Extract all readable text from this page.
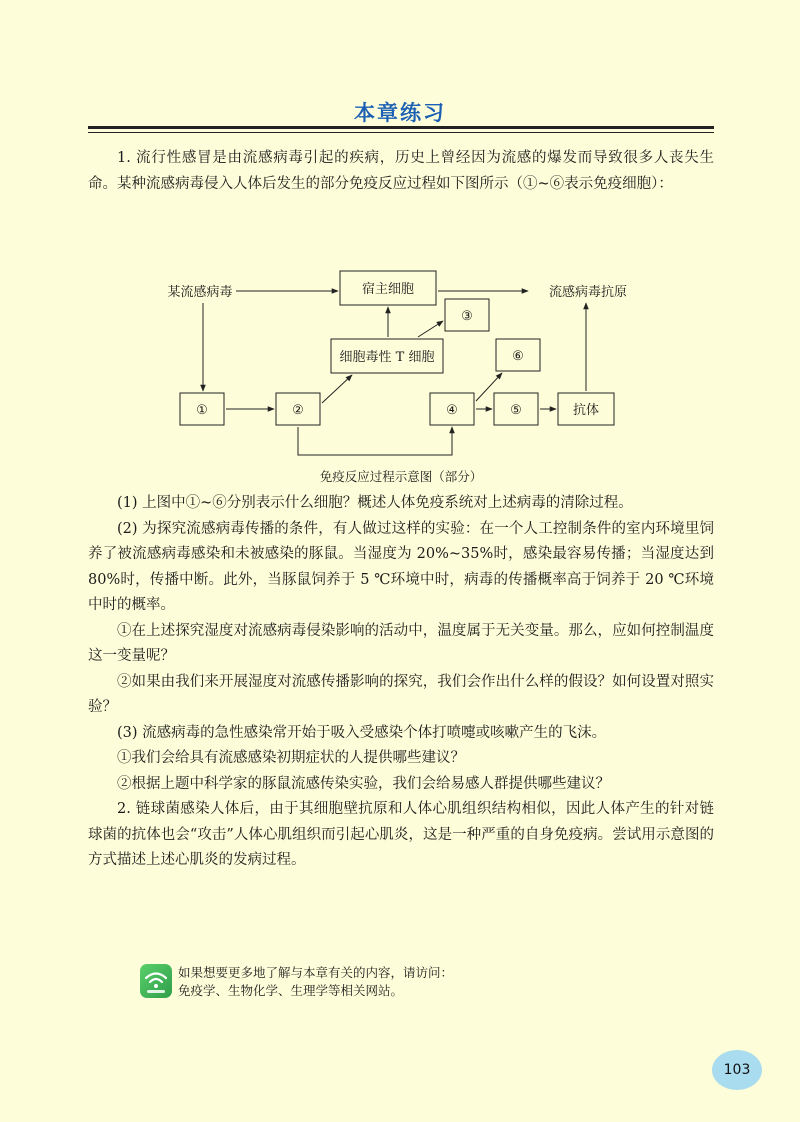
本章练习

1. 流行性感冒是由流感病毒引起的疾病，历史上曾经因为流感的爆发而导致很多人丧失生命。某种流感病毒侵入人体后发生的部分免疫反应过程如下图所示（①~⑥表示免疫细胞）：

某流感病毒	宿主细胞	流感病毒抗原
③
细胞毒性 T 细胞	⑥
①	②	④	⑤	抗体
免疫反应过程示意图（部分）

(1) 上图中①~⑥分别表示什么细胞？概述人体免疫系统对上述病毒的清除过程。

(2) 为探究流感病毒传播的条件，有人做过这样的实验：在一个人工控制条件的室内环境里饲养了被流感病毒感染和未被感染的豚鼠。当湿度为 20%~35%时，感染最容易传播；当湿度达到 80%时，传播中断。此外，当豚鼠饲养于 5 ℃环境中时，病毒的传播概率高于饲养于 20 ℃环境中时的概率。

①在上述探究湿度对流感病毒侵染影响的活动中，温度属于无关变量。那么，应如何控制温度这一变量呢？

②如果由我们来开展湿度对流感传播影响的探究，我们会作出什么样的假设？如何设置对照实验？

(3) 流感病毒的急性感染常开始于吸入受感染个体打喷嚏或咳嗽产生的飞沫。

①我们会给具有流感感染初期症状的人提供哪些建议？

②根据上题中科学家的豚鼠流感传染实验，我们会给易感人群提供哪些建议？

2. 链球菌感染人体后，由于其细胞壁抗原和人体心肌组织结构相似，因此人体产生的针对链球菌的抗体也会“攻击”人体心肌组织而引起心肌炎，这是一种严重的自身免疫病。尝试用示意图的方式描述上述心肌炎的发病过程。

如果想要更多地了解与本章有关的内容，请访问：
免疫学、生物化学、生理学等相关网站。
103
